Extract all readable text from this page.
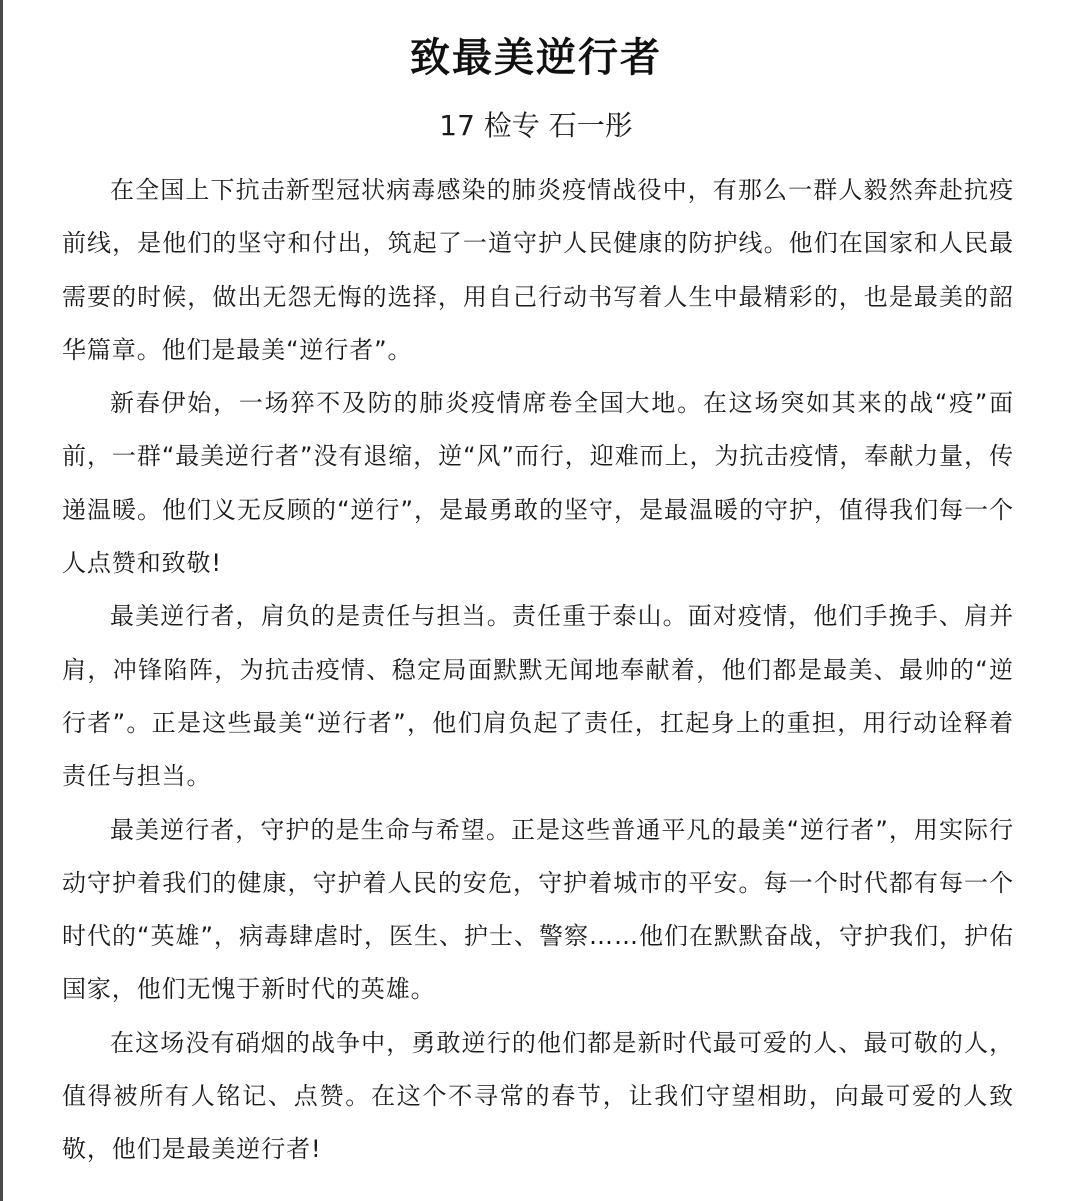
致最美逆行者
17 检专 石一彤

在全国上下抗击新型冠状病毒感染的肺炎疫情战役中，有那么一群人毅然奔赴抗疫前线，是他们的坚守和付出，筑起了一道守护人民健康的防护线。他们在国家和人民最需要的时候，做出无怨无悔的选择，用自己行动书写着人生中最精彩的，也是最美的韶华篇章。他们是最美“逆行者”。

新春伊始，一场猝不及防的肺炎疫情席卷全国大地。在这场突如其来的战“疫”面前，一群“最美逆行者”没有退缩，逆“风”而行，迎难而上，为抗击疫情，奉献力量，传递温暖。他们义无反顾的“逆行”，是最勇敢的坚守，是最温暖的守护，值得我们每一个人点赞和致敬!

最美逆行者，肩负的是责任与担当。责任重于泰山。面对疫情，他们手挽手、肩并肩，冲锋陷阵，为抗击疫情、稳定局面默默无闻地奉献着，他们都是最美、最帅的“逆行者”。正是这些最美“逆行者”，他们肩负起了责任，扛起身上的重担，用行动诠释着责任与担当。

最美逆行者，守护的是生命与希望。正是这些普通平凡的最美“逆行者”，用实际行动守护着我们的健康，守护着人民的安危，守护着城市的平安。每一个时代都有每一个时代的“英雄”，病毒肆虐时，医生、护士、警察……他们在默默奋战，守护我们，护佑国家，他们无愧于新时代的英雄。

在这场没有硝烟的战争中，勇敢逆行的他们都是新时代最可爱的人、最可敬的人，值得被所有人铭记、点赞。在这个不寻常的春节，让我们守望相助，向最可爱的人致敬，他们是最美逆行者!
